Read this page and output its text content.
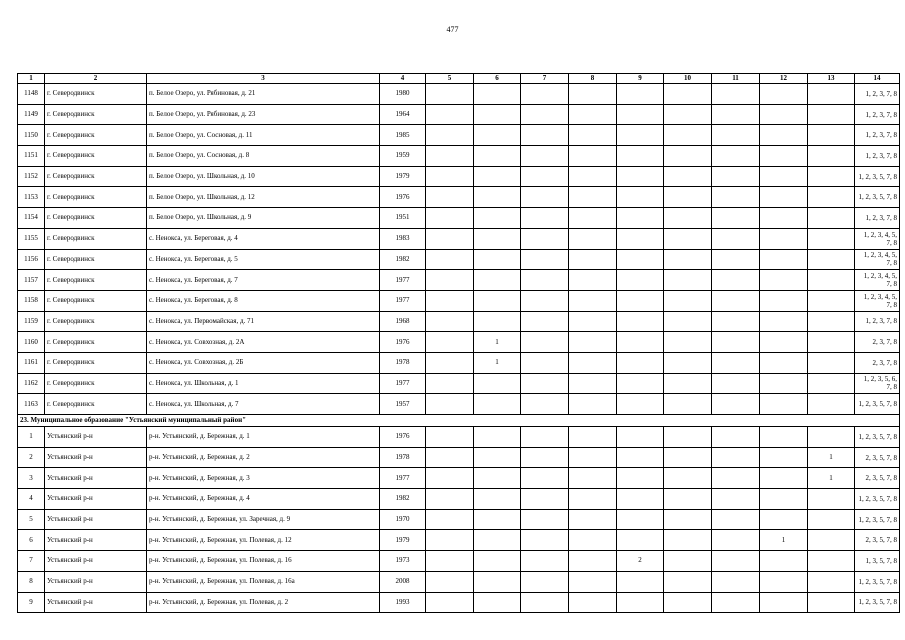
477
1	2	3	4	5	6	7	8	9	10	11	12	13	14
1148	г. Северодвинск	п. Белое Озеро, ул. Рябиновая, д. 21	1980										1, 2, 3, 7, 8
1149	г. Северодвинск	п. Белое Озеро, ул. Рябиновая, д. 23	1964										1, 2, 3, 7, 8
1150	г. Северодвинск	п. Белое Озеро, ул. Сосновая, д. 11	1985										1, 2, 3, 7, 8
1151	г. Северодвинск	п. Белое Озеро, ул. Сосновая, д. 8	1959										1, 2, 3, 7, 8
1152	г. Северодвинск	п. Белое Озеро, ул. Школьная, д. 10	1979										1, 2, 3, 5, 7, 8
1153	г. Северодвинск	п. Белое Озеро, ул. Школьная, д. 12	1976										1, 2, 3, 5, 7, 8
1154	г. Северодвинск	п. Белое Озеро, ул. Школьная, д. 9	1951										1, 2, 3, 7, 8
1155	г. Северодвинск	с. Ненокса, ул. Береговая, д. 4	1983										1, 2, 3, 4, 5, 7, 8
1156	г. Северодвинск	с. Ненокса, ул. Береговая, д. 5	1982										1, 2, 3, 4, 5, 7, 8
1157	г. Северодвинск	с. Ненокса, ул. Береговая, д. 7	1977										1, 2, 3, 4, 5, 7, 8
1158	г. Северодвинск	с. Ненокса, ул. Береговая, д. 8	1977										1, 2, 3, 4, 5, 7, 8
1159	г. Северодвинск	с. Ненокса, ул. Первомайская, д. 71	1968										1, 2, 3, 7, 8
1160	г. Северодвинск	с. Ненокса, ул. Совхозная, д. 2А	1976		1								2, 3, 7, 8
1161	г. Северодвинск	с. Ненокса, ул. Совхозная, д. 2Б	1978		1								2, 3, 7, 8
1162	г. Северодвинск	с. Ненокса, ул. Школьная, д. 1	1977										1, 2, 3, 5, 6, 7, 8
1163	г. Северодвинск	с. Ненокса, ул. Школьная, д. 7	1957										1, 2, 3, 5, 7, 8
23. Муниципальное образование "Устьянский муниципальный район"													
1	Устьянский р-н	р-н. Устьянский, д. Бережная, д. 1	1976										1, 2, 3, 5, 7, 8
2	Устьянский р-н	р-н. Устьянский, д. Бережная, д. 2	1978									1	2, 3, 5, 7, 8
3	Устьянский р-н	р-н. Устьянский, д. Бережная, д. 3	1977									1	2, 3, 5, 7, 8
4	Устьянский р-н	р-н. Устьянский, д. Бережная, д. 4	1982										1, 2, 3, 5, 7, 8
5	Устьянский р-н	р-н. Устьянский, д. Бережная, ул. Заречная, д. 9	1970										1, 2, 3, 5, 7, 8
6	Устьянский р-н	р-н. Устьянский, д. Бережная, ул. Полевая, д. 12	1979								1		2, 3, 5, 7, 8
7	Устьянский р-н	р-н. Устьянский, д. Бережная, ул. Полевая, д. 16	1973					2					1, 3, 5, 7, 8
8	Устьянский р-н	р-н. Устьянский, д. Бережная, ул. Полевая, д. 16а	2008										1, 2, 3, 5, 7, 8
9	Устьянский р-н	р-н. Устьянский, д. Бережная, ул. Полевая, д. 2	1993										1, 2, 3, 5, 7, 8
